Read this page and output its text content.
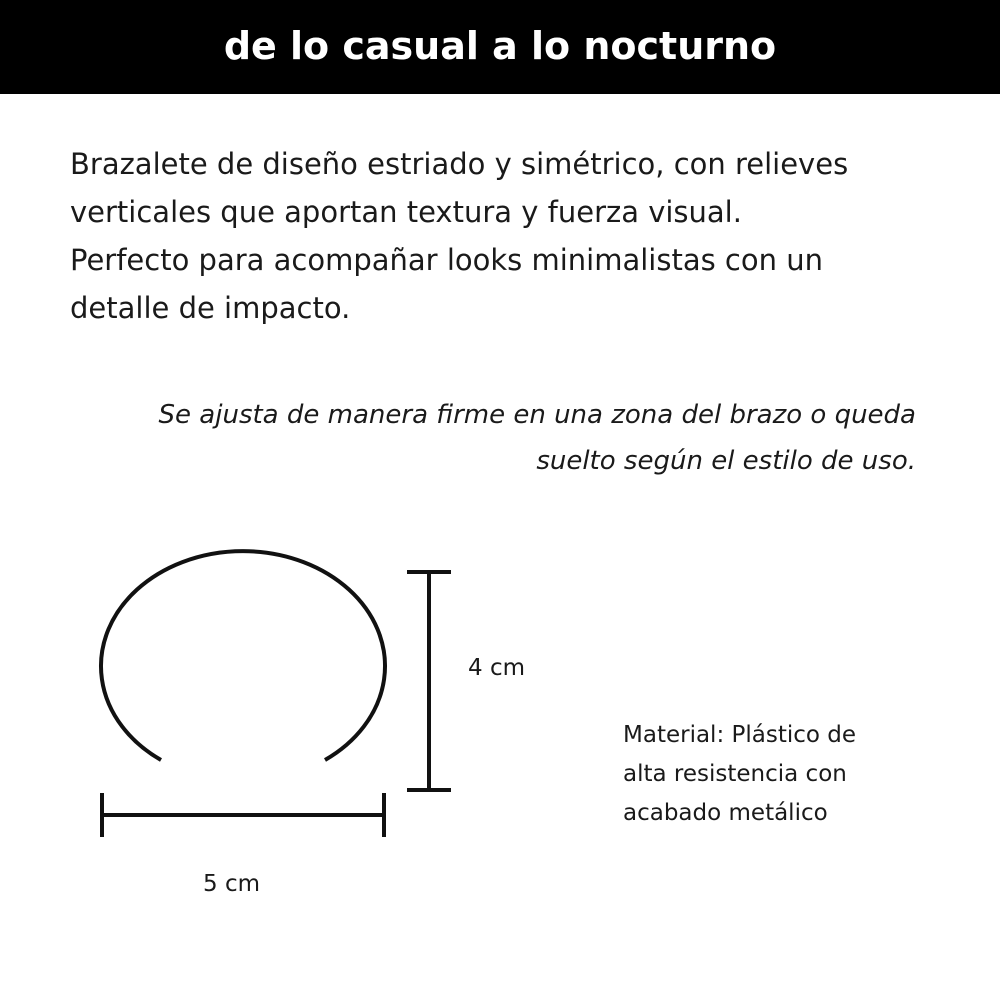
de lo casual a lo nocturno
Brazalete de diseño estriado y simétrico, con relieves
verticales que aportan textura y fuerza visual.
Perfecto para acompañar looks minimalistas con un
detalle de impacto.
Se ajusta de manera firme en una zona del brazo o queda
suelto según el estilo de uso.
4 cm
5 cm
Material: Plástico de
alta resistencia con
acabado metálico
